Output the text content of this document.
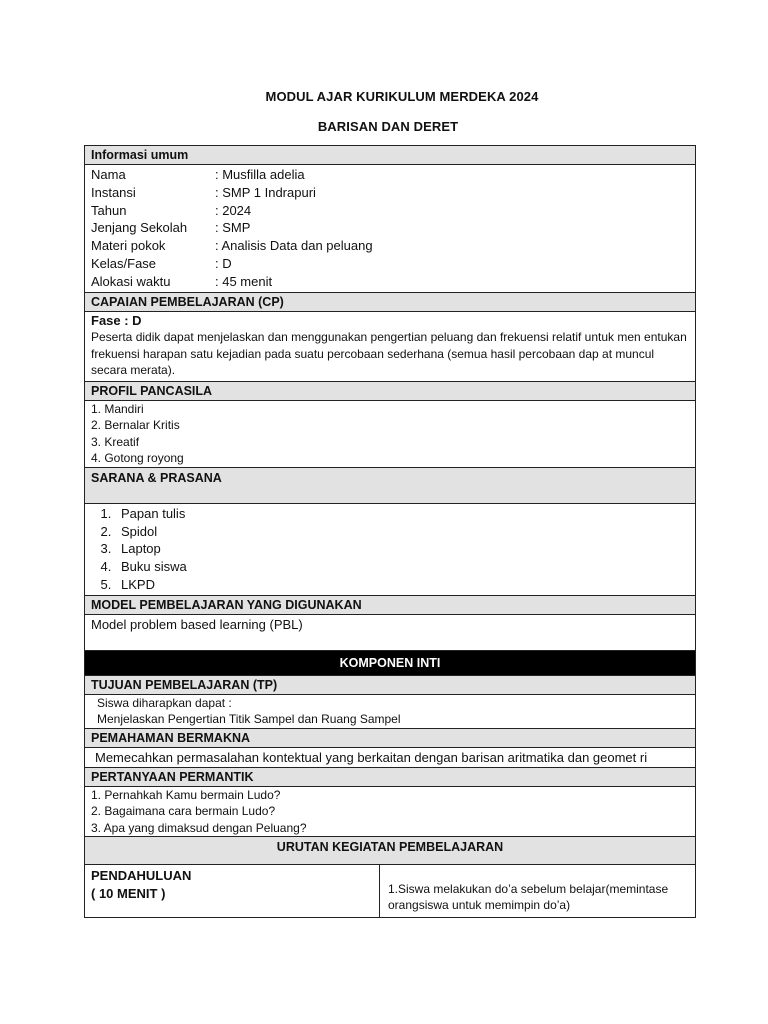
MODUL AJAR KURIKULUM MERDEKA 2024
BARISAN DAN DERET
Informasi umum
Nama	: Musfilla adelia
Instansi	: SMP 1 Indrapuri
Tahun	: 2024
Jenjang Sekolah	: SMP
Materi pokok	: Analisis Data dan peluang
Kelas/Fase	: D
Alokasi waktu	: 45 menit
CAPAIAN PEMBELAJARAN (CP)
Fase : D
Peserta didik dapat menjelaskan dan menggunakan pengertian peluang dan frekuensi relatif untuk men entukan frekuensi harapan satu kejadian pada suatu percobaan sederhana (semua hasil percobaan dap at muncul secara merata).
PROFIL PANCASILA
1. Mandiri
2. Bernalar Kritis
3. Kreatif
4. Gotong royong
SARANA & PRASANA
1. Papan tulis
2. Spidol
3. Laptop
4. Buku siswa
5. LKPD
MODEL PEMBELAJARAN YANG DIGUNAKAN
Model problem based learning (PBL)
KOMPONEN INTI
TUJUAN PEMBELAJARAN (TP)
Siswa diharapkan dapat :
Menjelaskan Pengertian Titik Sampel dan Ruang Sampel
PEMAHAMAN BERMAKNA
Memecahkan permasalahan kontektual yang berkaitan dengan barisan aritmatika dan geomet ri
PERTANYAAN PERMANTIK
1. Pernahkah Kamu bermain Ludo?
2. Bagaimana cara bermain Ludo?
3. Apa yang dimaksud dengan Peluang?
URUTAN KEGIATAN PEMBELAJARAN
PENDAHULUAN
( 10 MENIT )	1.Siswa melakukan do’a sebelum belajar(memintase orangsiswa untuk memimpin do’a)
